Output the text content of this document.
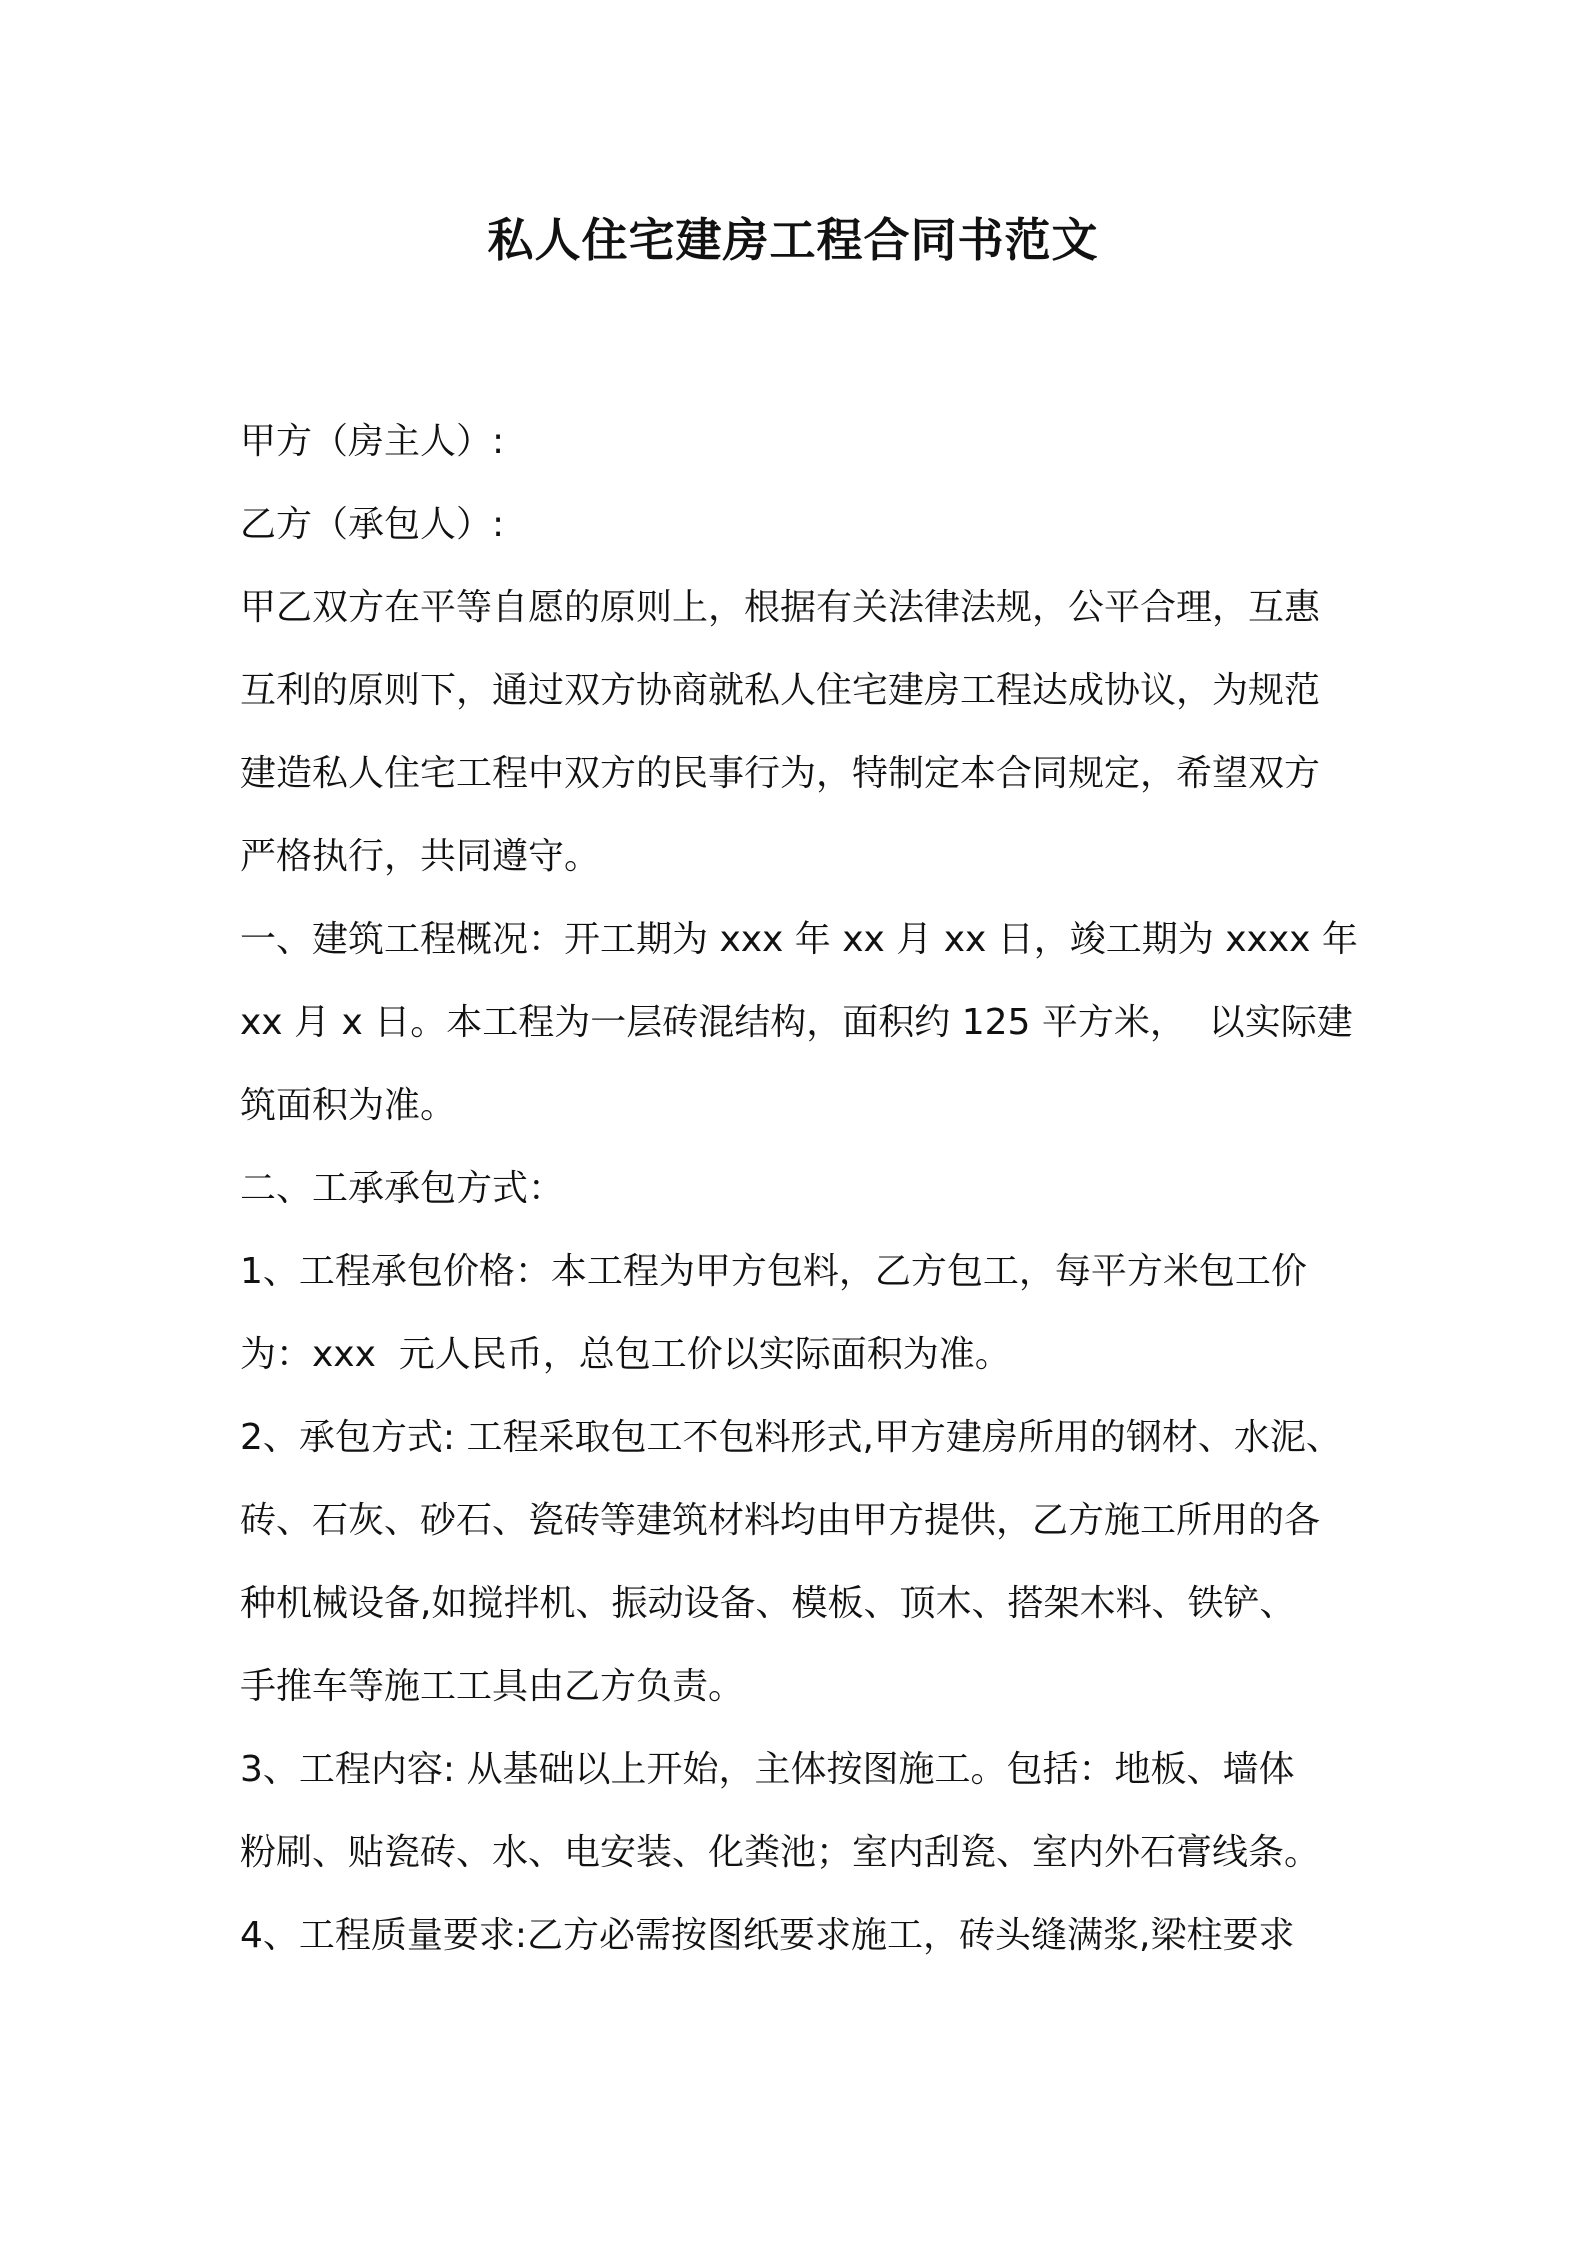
私人住宅建房工程合同书范文
甲方（房主人）:
乙方（承包人）:
甲乙双方在平等自愿的原则上，根据有关法律法规，公平合理，互惠
互利的原则下，通过双方协商就私人住宅建房工程达成协议，为规范
建造私人住宅工程中双方的民事行为，特制定本合同规定，希望双方
严格执行，共同遵守。
一、建筑工程概况：开工期为 xxx 年 xx 月 xx 日，竣工期为 xxxx 年
xx 月 x 日。本工程为一层砖混结构，面积约 125 平方米，  以实际建
筑面积为准。
二、工承承包方式：
1、工程承包价格：本工程为甲方包料，乙方包工，每平方米包工价
为：xxx  元人民币，总包工价以实际面积为准。
2、承包方式: 工程采取包工不包料形式,甲方建房所用的钢材、水泥、
砖、石灰、砂石、瓷砖等建筑材料均由甲方提供，乙方施工所用的各
种机械设备,如搅拌机、振动设备、模板、顶木、搭架木料、铁铲、
手推车等施工工具由乙方负责。
3、工程内容: 从基础以上开始，主体按图施工。包括：地板、墙体
粉刷、贴瓷砖、水、电安装、化粪池；室内刮瓷、室内外石膏线条。
4、工程质量要求:乙方必需按图纸要求施工，砖头缝满浆,梁柱要求
